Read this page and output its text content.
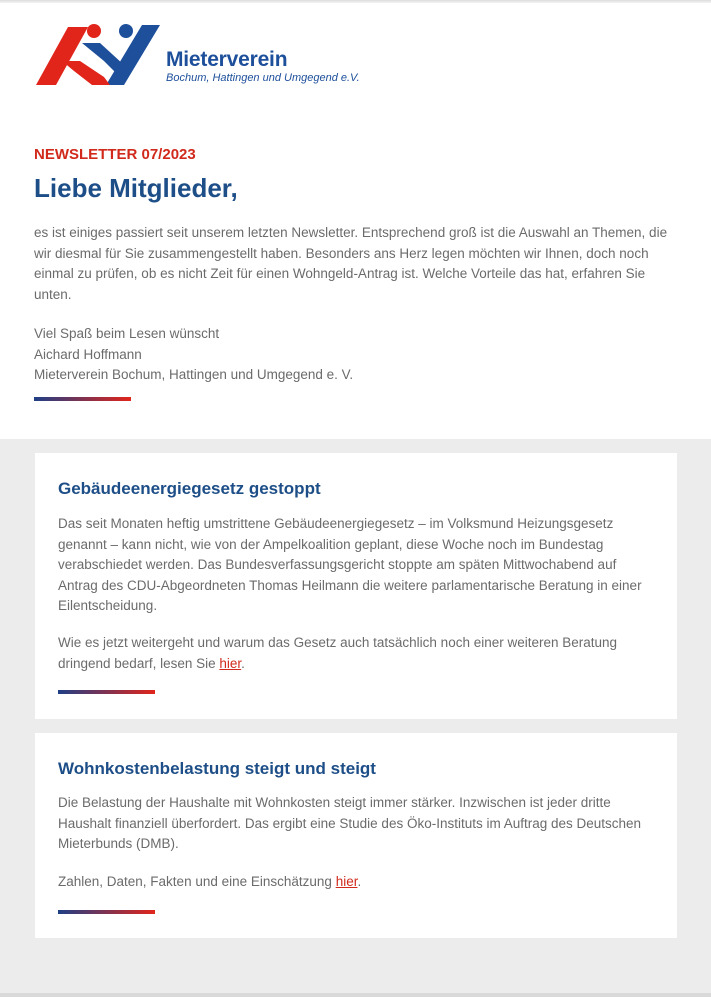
Mieterverein
Bochum, Hattingen und Umgegend e.V.
NEWSLETTER 07/2023
Liebe Mitglieder,

es ist einiges passiert seit unserem letzten Newsletter. Entsprechend groß ist die Auswahl an Themen, die wir diesmal für Sie zusammengestellt haben. Besonders ans Herz legen möchten wir Ihnen, doch noch einmal zu prüfen, ob es nicht Zeit für einen Wohngeld-Antrag ist. Welche Vorteile das hat, erfahren Sie unten.

Viel Spaß beim Lesen wünscht
Aichard Hoffmann
Mieterverein Bochum, Hattingen und Umgegend e. V.
Gebäudeenergiegesetz gestoppt

Das seit Monaten heftig umstrittene Gebäudeenergiegesetz – im Volksmund Heizungsgesetz genannt – kann nicht, wie von der Ampelkoalition geplant, diese Woche noch im Bundestag verabschiedet werden. Das Bundesverfassungsgericht stoppte am späten Mittwochabend auf Antrag des CDU-Abgeordneten Thomas Heilmann die weitere parlamentarische Beratung in einer Eilentscheidung.

Wie es jetzt weitergeht und warum das Gesetz auch tatsächlich noch einer weiteren Beratung dringend bedarf, lesen Sie hier.

Wohnkostenbelastung steigt und steigt

Die Belastung der Haushalte mit Wohnkosten steigt immer stärker. Inzwischen ist jeder dritte Haushalt finanziell überfordert. Das ergibt eine Studie des Öko-Instituts im Auftrag des Deutschen Mieterbunds (DMB).

Zahlen, Daten, Fakten und eine Einschätzung hier.
